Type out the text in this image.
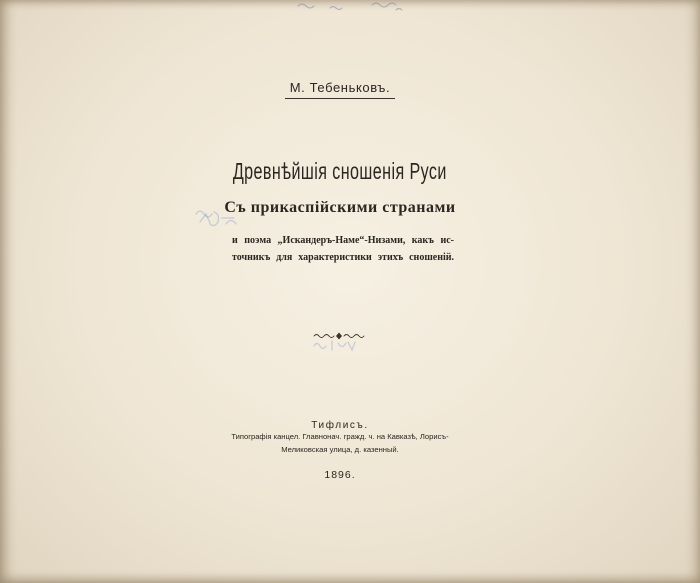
М. Тебеньковъ.
Древнѣйшія сношенія Руси
Съ прикаспійскими странами
и поэма „Искандеръ-Наме“-Низами, какъ ис-
точникъ для характеристики этихъ сношеній.
Тифлисъ.
Типографія канцел. Главнонач. гражд. ч. на Кавказѣ, Лорисъ-
Меликовская улица, д. казенный.
1896.
